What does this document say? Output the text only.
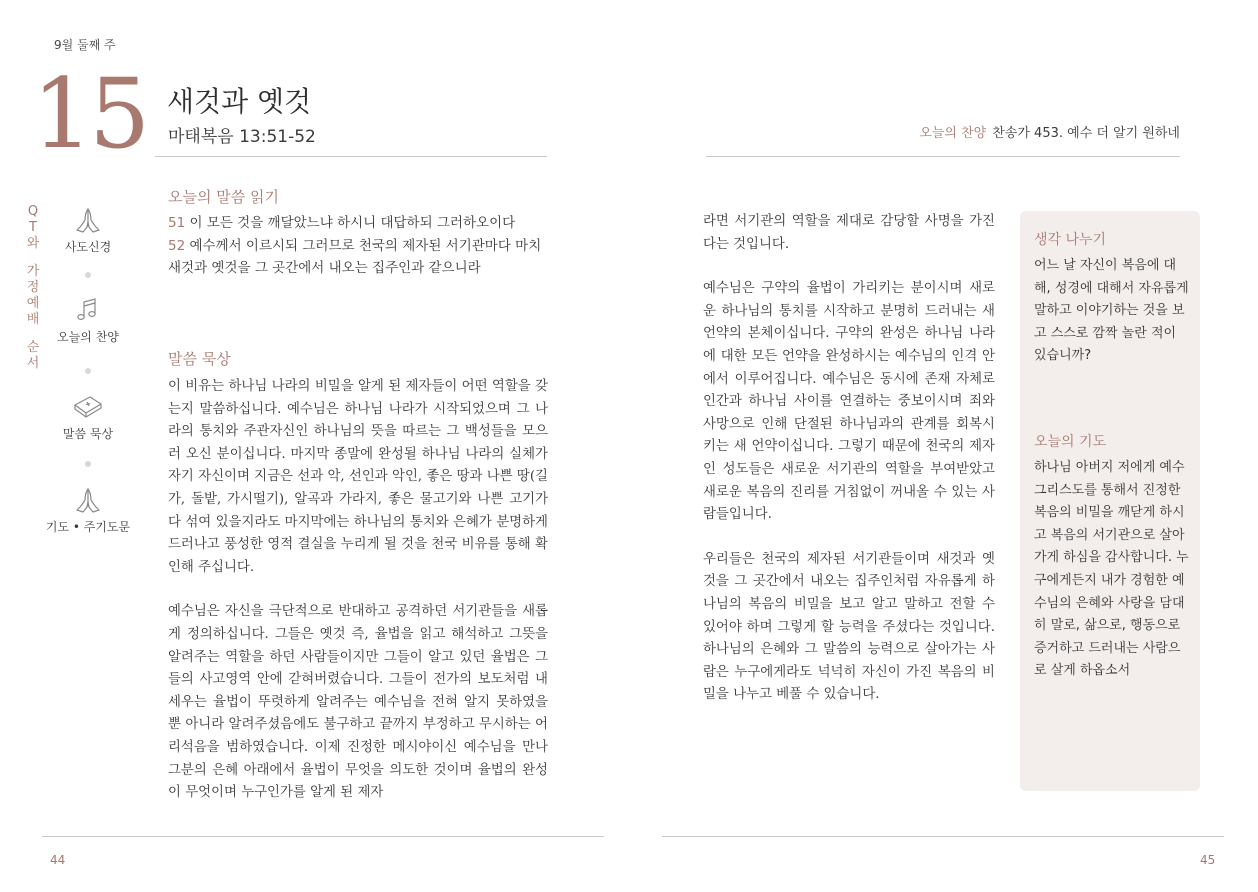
9월 둘째 주
15 새것과 옛것
마태복음 13:51-52
Q
T
와
가
정
예
배
순
서
사도신경
오늘의 찬양
말씀 묵상
기도 • 주기도문
오늘의 말씀 읽기
51 이 모든 것을 깨달았느냐 하시니 대답하되 그러하오이다
52 예수께서 이르시되 그러므로 천국의 제자된 서기관마다 마치 새것과 옛것을 그 곳간에서 내오는 집주인과 같으니라
말씀 묵상

이 비유는 하나님 나라의 비밀을 알게 된 제자들이 어떤 역할을 갖는지 말씀하십니다. 예수님은 하나님 나라가 시작되었으며 그 나라의 통치와 주관자신인 하나님의 뜻을 따르는 그 백성들을 모으러 오신 분이십니다. 마지막 종말에 완성될 하나님 나라의 실체가 자기 자신이며 지금은 선과 악, 선인과 악인, 좋은 땅과 나쁜 땅(길가, 돌밭, 가시떨기), 알곡과 가라지, 좋은 물고기와 나쁜 고기가 다 섞여 있을지라도 마지막에는 하나님의 통치와 은혜가 분명하게 드러나고 풍성한 영적 결실을 누리게 될 것을 천국 비유를 통해 확인해 주십니다.

예수님은 자신을 극단적으로 반대하고 공격하던 서기관들을 새롭게 정의하십니다. 그들은 옛것 즉, 율법을 읽고 해석하고 그뜻을 알려주는 역할을 하던 사람들이지만 그들이 알고 있던 율법은 그들의 사고영역 안에 갇혀버렸습니다. 그들이 전가의 보도처럼 내세우는 율법이 뚜렷하게 알려주는 예수님을 전혀 알지 못하였을 뿐 아니라 알려주셨음에도 불구하고 끝까지 부정하고 무시하는 어리석음을 범하였습니다. 이제 진정한 메시야이신 예수님을 만나 그분의 은혜 아래에서 율법이 무엇을 의도한 것이며 율법의 완성이 무엇이며 누구인가를 알게 된 제자

44
오늘의 찬양 찬송가 453. 예수 더 알기 원하네

라면 서기관의 역할을 제대로 감당할 사명을 가진다는 것입니다.

예수님은 구약의 율법이 가리키는 분이시며 새로운 하나님의 통치를 시작하고 분명히 드러내는 새언약의 본체이십니다. 구약의 완성은 하나님 나라에 대한 모든 언약을 완성하시는 예수님의 인격 안에서 이루어집니다. 예수님은 동시에 존재 자체로 인간과 하나님 사이를 연결하는 중보이시며 죄와 사망으로 인해 단절된 하나님과의 관계를 회복시키는 새 언약이십니다. 그렇기 때문에 천국의 제자인 성도들은 새로운 서기관의 역할을 부여받았고 새로운 복음의 진리를 거침없이 꺼내올 수 있는 사람들입니다.

우리들은 천국의 제자된 서기관들이며 새것과 옛것을 그 곳간에서 내오는 집주인처럼 자유롭게 하나님의 복음의 비밀을 보고 알고 말하고 전할 수 있어야 하며 그렇게 할 능력을 주셨다는 것입니다. 하나님의 은혜와 그 말씀의 능력으로 살아가는 사람은 누구에게라도 넉넉히 자신이 가진 복음의 비밀을 나누고 베풀 수 있습니다.

생각 나누기

어느 날 자신이 복음에 대해, 성경에 대해서 자유롭게 말하고 이야기하는 것을 보고 스스로 깜짝 놀란 적이 있습니까?

오늘의 기도

하나님 아버지 저에게 예수 그리스도를 통해서 진정한 복음의 비밀을 깨닫게 하시고 복음의 서기관으로 살아가게 하심을 감사합니다. 누구에게든지 내가 경험한 예수님의 은혜와 사랑을 담대히 말로, 삶으로, 행동으로 증거하고 드러내는 사람으로 살게 하옵소서

45
